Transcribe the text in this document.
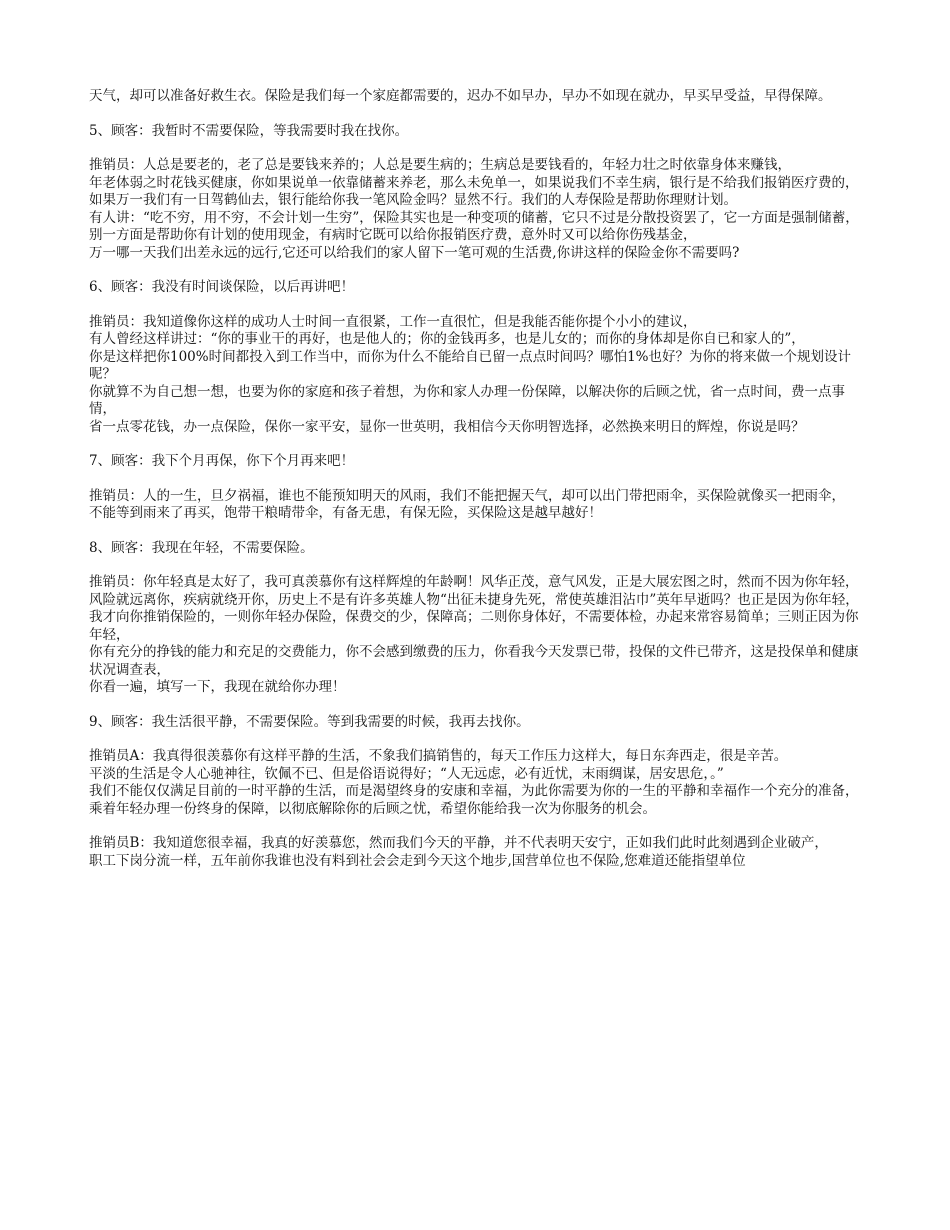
天气，却可以准备好救生衣。保险是我们每一个家庭都需要的，迟办不如早办，早办不如现在就办，早买早受益，早得保障。
5、顾客：我暂时不需要保险，等我需要时我在找你。
推销员：人总是要老的，老了总是要钱来养的；人总是要生病的；生病总是要钱看的，年轻力壮之时依靠身体来赚钱，
年老体弱之时花钱买健康，你如果说单一依靠储蓄来养老，那么未免单一，如果说我们不幸生病，银行是不给我们报销医疗费的，
如果万一我们有一日驾鹤仙去，银行能给你我一笔风险金吗？显然不行。我们的人寿保险是帮助你理财计划。
有人讲：“吃不穷，用不穷，不会计划一生穷”，保险其实也是一种变项的储蓄，它只不过是分散投资罢了，它一方面是强制储蓄，
别一方面是帮助你有计划的使用现金，有病时它既可以给你报销医疗费，意外时又可以给你伤残基金，
万一哪一天我们出差永远的远行,它还可以给我们的家人留下一笔可观的生活费,你讲这样的保险金你不需要吗?
6、顾客：我没有时间谈保险，以后再讲吧！
推销员：我知道像你这样的成功人士时间一直很紧，工作一直很忙，但是我能否能你提个小小的建议，
有人曾经这样讲过：“你的事业干的再好，也是他人的；你的金钱再多，也是儿女的；而你的身体却是你自已和家人的”，
你是这样把你100%时间都投入到工作当中，而你为什么不能给自已留一点点时间吗？哪怕1%也好？为你的将来做一个规划设计呢？
你就算不为自己想一想，也要为你的家庭和孩子着想，为你和家人办理一份保障，以解决你的后顾之忧，省一点时间，费一点事情，
省一点零花钱，办一点保险，保你一家平安，显你一世英明，我相信今天你明智选择，必然换来明日的辉煌，你说是吗？
7、顾客：我下个月再保，你下个月再来吧！
推销员：人的一生，旦夕祸福，谁也不能预知明天的风雨，我们不能把握天气，却可以出门带把雨伞，买保险就像买一把雨伞，
不能等到雨来了再买，饱带干粮晴带伞，有备无患，有保无险，买保险这是越早越好！
8、顾客：我现在年轻，不需要保险。
推销员：你年轻真是太好了，我可真羡慕你有这样辉煌的年龄啊！风华正茂，意气风发，正是大展宏图之时，然而不因为你年轻，
风险就远离你，疾病就绕开你，历史上不是有许多英雄人物“出征未捷身先死，常使英雄泪沾巾”英年早逝吗？也正是因为你年轻，
我才向你推销保险的，一则你年轻办保险，保费交的少，保障高；二则你身体好，不需要体检，办起来常容易简单；三则正因为你年轻，
你有充分的挣钱的能力和充足的交费能力，你不会感到缴费的压力，你看我今天发票已带，投保的文件已带齐，这是投保单和健康状况调查表，
你看一遍，填写一下，我现在就给你办理！
9、顾客：我生活很平静，不需要保险。等到我需要的时候，我再去找你。
推销员A：我真得很羡慕你有这样平静的生活，不象我们搞销售的，每天工作压力这样大，每日东奔西走，很是辛苦。
平淡的生活是令人心驰神往，钦佩不已、但是俗语说得好；“人无远虑，必有近忧，末雨绸谋，居安思危，。”
我们不能仅仅满足目前的一时平静的生活，而是渴望终身的安康和幸福，为此你需要为你的一生的平静和幸福作一个充分的准备，
乘着年轻办理一份终身的保障，以彻底解除你的后顾之忧，希望你能给我一次为你服务的机会。
推销员B：我知道您很幸福，我真的好羡慕您，然而我们今天的平静，并不代表明天安宁，正如我们此时此刻遇到企业破产，
职工下岗分流一样，五年前你我谁也没有料到社会会走到今天这个地步,国营单位也不保险,您难道还能指望单位
